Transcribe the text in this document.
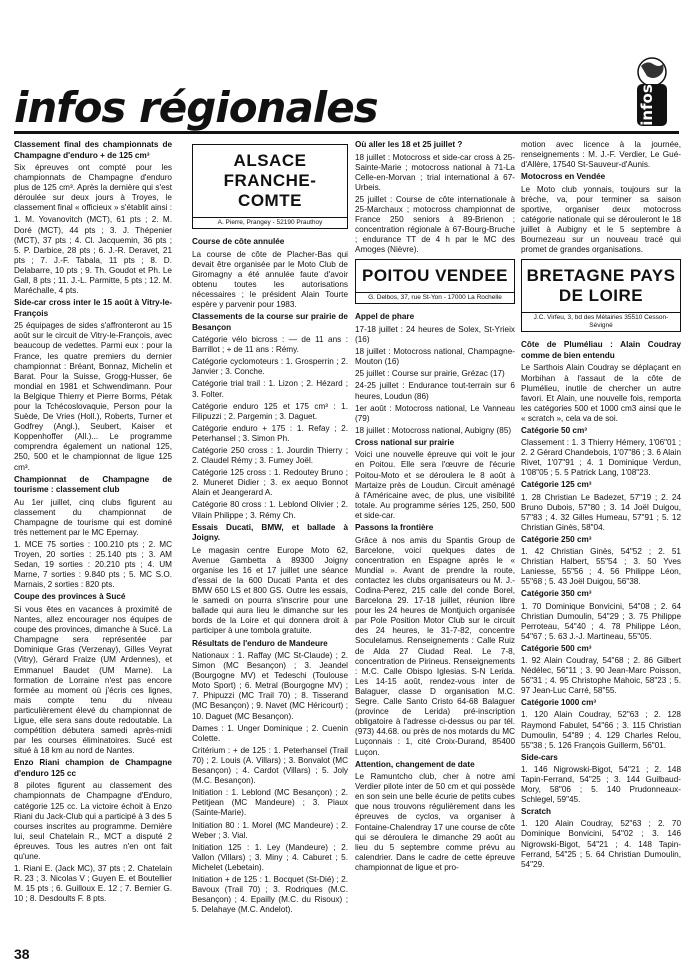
infos
infos régionales

Classement final des championnats de Champagne d'enduro + de 125 cm³

Six épreuves ont compté pour les championnats de Champagne d'enduro plus de 125 cm³. Après la dernière qui s'est déroulée sur deux jours à Troyes, le classement final « officieux » s'établit ainsi :

1. M. Yovanovitch (MCT), 61 pts ; 2. M. Doré (MCT), 44 pts ; 3. J. Thépenier (MCT), 37 pts ; 4. Cl. Jacquemin, 36 pts ; 5. P. Darbice, 28 pts ; 6. J.-R. Deravet, 21 pts ; 7. J.-F. Tabala, 11 pts ; 8. D. Delabarre, 10 pts ; 9. Th. Goudot et Ph. Le Gall, 8 pts ; 11. J.-L. Parmitte, 5 pts ; 12. M. Maréchalle, 4 pts.

Side-car cross inter le 15 août à Vitry-le-François

25 équipages de sides s'affronteront au 15 août sur le circuit de Vitry-le-François, avec beaucoup de vedettes. Parmi eux : pour la France, les quatre premiers du dernier championnat : Bréant, Bonnaz, Michelin et Barat. Pour la Suisse, Grogg-Husser, 6e mondial en 1981 et Schwendimann. Pour la Belgique Thierry et Pierre Borms, Pétak pour la Tchécoslovaquie, Person pour la Suède, De Vries (Holl.), Roberts, Turner et Godfrey (Angl.), Seubert, Kaiser et Koppenhoffer (All.)... Le programme comprendra également un national 125, 250, 500 et le championnat de ligue 125 cm³.

Championnat de Champagne de tourisme : classement club

Au 1er juillet, cinq clubs figurent au classement du championnat de Champagne de tourisme qui est dominé très nettement par le MC Epernay.

1. MCE 75 sorties : 100.210 pts ; 2. MC Troyen, 20 sorties : 25.140 pts ; 3. AM Sedan, 19 sorties : 20.210 pts ; 4. UM Marne, 7 sorties : 9.840 pts ; 5. MC S.O. Marnais, 2 sorties : 820 pts.

Coupe des provinces à Sucé

Si vous êtes en vacances à proximité de Nantes, allez encourager nos équipes de coupe des provinces, dimanche à Sucé. La Champagne sera représentée par Dominique Gras (Verzenay), Gilles Veyrat (Vitry), Gérard Fraize (UM Ardennes), et Emmanuel Baudet (UM Marne). La formation de Lorraine n'est pas encore formée au moment où j'écris ces lignes, mais compte tenu du niveau particulièrement élevé du championnat de Ligue, elle sera sans doute redoutable. La compétition débutera samedi après-midi par les courses éliminatoires. Sucé est situé à 18 km au nord de Nantes.

Enzo Riani champion de Champagne d'enduro 125 cc

8 pilotes figurent au classement des championnats de Champagne d'Enduro, catégorie 125 cc. La victoire échoit à Enzo Riani du Jack-Club qui a participé à 3 des 5 courses inscrites au programme. Dernière lui, seul Chatelain R., MCT a disputé 2 épreuves. Tous les autres n'en ont fait qu'une.

1. Riani E. (Jack MC), 37 pts ; 2. Chatelain R. 23 ; 3. Nicolas V ; Guyen E. et Boutellier M. 15 pts ; 6. Guilloux E. 12 ; 7. Bernier G. 10 ; 8. Desdoults F. 8 pts.

ALSACE FRANCHE-COMTE
A. Pierre, Prangey - 52190 Prauthoy

Course de côte annulée

La course de côte de Placher-Bas qui devait être organisée par le Moto Club de Giromagny a été annulée faute d'avoir obtenu toutes les autorisations nécessaires ; le président Alain Tourte espère y parvenir pour 1983.

Classements de la course sur prairie de Besançon

Catégorie vélo bicross : — de 11 ans : Barrillot ; + de 11 ans : Rémy.

Catégorie cyclomoteurs : 1. Grosperrin ; 2. Janvier ; 3. Conche.

Catégorie trial trail : 1. Lizon ; 2. Hézard ; 3. Folter.

Catégorie enduro 125 et 175 cm³ : 1. Filipuzzi ; 2. Pargemin ; 3. Daguet.

Catégorie enduro + 175 : 1. Refay ; 2. Peterhansel ; 3. Simon Ph.

Catégorie 250 cross : 1. Jourdin Thierry ; 2. Claudel Rémy ; 3. Fumey Joël.

Catégorie 125 cross : 1. Redoutey Bruno ; 2. Muneret Didier ; 3. ex aequo Bonnot Alain et Jeangerard A.

Catégorie 80 cross : 1. Leblond Olivier ; 2. Vilain Philippe ; 3. Rémy Ch.

Essais Ducati, BMW, et ballade à Joigny.

Le magasin centre Europe Moto 62, Avenue Gambetta à 89300 Joigny organise les 16 et 17 juillet une séance d'essai de la 600 Ducati Panta et des BMW 650 LS et 800 GS. Outre les essais, le samedi on pourra s'inscrire pour une ballade qui aura lieu le dimanche sur les bords de la Loire et qui donnera droit à participer à une tombola gratuite.

Résultats de l'enduro de Mandeure

Nationaux : 1. Raffay (MC St-Claude) ; 2. Simon (MC Besançon) ; 3. Jeandel (Bourgogne MV) et Tedeschi (Toulouse Moto Sport) ; 6. Metral (Bourgogne MV) ; 7. Phipuzzi (MC Trail 70) ; 8. Tisserand (MC Besançon) ; 9. Navet (MC Héricourt) ; 10. Daguet (MC Besançon).

Dames : 1. Unger Dominique ; 2. Cuenin Colette.

Critérium : + de 125 : 1. Peterhansel (Trail 70) ; 2. Louis (A. Villars) ; 3. Bonvalot (MC Besançon) ; 4. Cardot (Villars) ; 5. Joly (M.C. Besançon).

Initiation : 1. Leblond (MC Besançon) ; 2. Petitjean (MC Mandeure) ; 3. Piaux (Sainte-Marie).

Initiation 80 : 1. Morel (MC Mandeure) ; 2. Weber ; 3. Vial.

Initiation 125 : 1. Ley (Mandeure) ; 2. Vallon (Villars) ; 3. Miny ; 4. Caburet ; 5. Michelet (Lebetain).

Initiation + de 125 : 1. Bocquet (St-Dié) ; 2. Bavoux (Trail 70) ; 3. Rodriques (M.C. Besançon) ; 4. Epailly (M.C. du Risoux) ; 5. Delahaye (M.C. Andelot).

Où aller les 18 et 25 juillet ?

18 juillet : Motocross et side-car cross à 25-Sainte-Marie ; motocross national à 71-La Celle-en-Morvan ; trial international à 67-Urbeis.

25 juillet : Course de côte internationale à 25-Marchaux ; motocross championnat de France 250 seniors à 89-Brienon ; concentration régionale à 67-Bourg-Bruche ; endurance TT de 4 h par le MC des Amoges (Nièvre).

POITOU VENDEE
G. Delbos, 37, rue St-Yon - 17000 La Rochelle

Appel de phare

17-18 juillet : 24 heures de Solex, St-Yrieix (16)

18 juillet : Motocross national, Champagne-Mouton (16)

25 juillet : Course sur prairie, Grézac (17)

24-25 juillet : Endurance tout-terrain sur 6 heures, Loudun (86)

1er août : Motocross national, Le Vanneau (79)

18 juillet : Motocross national, Aubigny (85)

Cross national sur prairie

Voici une nouvelle épreuve qui voit le jour en Poitou. Elle sera l'œuvre de l'écurie Poitou-Moto et se déroulera le 8 août à Martaize près de Loudun. Circuit aménagé à l'Américaine avec, de plus, une visibilité totale. Au programme séries 125, 250, 500 et side-car.

Passons la frontière

Grâce à nos amis du Spantis Group de Barcelone, voici quelques dates de concentration en Espagne après le « Mundial ». Avant de prendre la route, contactez les clubs organisateurs ou M. J.-Codina-Perez, 215 calle del conde Borel, Barcelona 29. 17-18 juillet, réunion libre pour les 24 heures de Montjuich organisée par Pole Position Motor Club sur le circuit des 24 heures, le 31-7-82, concentre Soculelamus. Renseignements : Calle Ruiz de Alda 27 Ciudad Real. Le 7-8, concentration de Pirineus. Renseignements : M.C. Calle Obispo Iglesias. S-N Lerida. Les 14-15 août, rendez-vous inter de Balaguer, classe D organisation M.C. Segre. Calle Santo Cristo 64-68 Balaguer (province de Lerida) pré-inscription obligatoire à l'adresse ci-dessus ou par tél. (973) 44.68. ou près de nos motards du MC Luçonnais : 1, cité Croix-Durand, 85400 Luçon.

Attention, changement de date

Le Ramuntcho club, cher à notre ami Verdier pilote inter de 50 cm et qui possède en son sein une belle écurie de petits cubes que nous trouvons régulièrement dans les épreuves de cyclos, va organiser à Fontaine-Chalendray 17 une course de côte qui se déroulera le dimanche 29 août au lieu du 5 septembre comme prévu au calendrier. Dans le cadre de cette épreuve championnat de ligue et pro-

motion avec licence à la journée, renseignements : M. J.-F. Verdier, Le Gué-d'Allère, 17540 St-Sauveur-d'Aunis.

Motocross en Vendée

Le Moto club yonnais, toujours sur la brèche, va, pour terminer sa saison sportive, organiser deux motocross catégorie nationale qui se dérouleront le 18 juillet à Aubigny et le 5 septembre à Bournezeau sur un nouveau tracé qui promet de grandes organisations.

BRETAGNE PAYS DE LOIRE
J.C. Virfeu, 3, bd des Métairies 35510 Cesson-Sévigné

Côte de Pluméliau : Alain Coudray comme de bien entendu

Le Sarthois Alain Coudray se déplaçant en Morbihan à l'assaut de la côte de Plumélieu, inutile de chercher un autre favori. Et Alain, une nouvelle fois, remporta les catégories 500 et 1000 cm3 ainsi que le « scratch », cela va de soi.

Catégorie 50 cm³

Classement : 1. 3 Thierry Hémery, 1'06"01 ; 2. 2 Gérard Chandebois, 1'07"86 ; 3. 6 Alain Rivet, 1'07"91 ; 4. 1 Dominique Verdun, 1'08"05 ; 5. 5 Patrick Lang, 1'08"23.

Catégorie 125 cm³

1. 28 Christian Le Badezet, 57"19 ; 2. 24 Bruno Dubois, 57"80 ; 3. 14 Joël Duigou, 57"83 ; 4. 32 Gilles Humeau, 57"91 ; 5. 12 Christian Ginès, 58"04.

Catégorie 250 cm³

1. 42 Christian Ginès, 54"52 ; 2. 51 Christian Halbert, 55"54 ; 3. 50 Yves Laniesse, 55"56 ; 4. 56 Philippe Léon, 55"68 ; 5. 43 Joël Duigou, 56"38.

Catégorie 350 cm³

1. 70 Dominique Bonvicini, 54"08 ; 2. 64 Christian Dumoulin, 54"29 ; 3. 75 Philippe Perroteau, 54"40 ; 4. 78 Philippe Léon, 54"67 ; 5. 63 J.-J. Martineau, 55"05.

Catégorie 500 cm³

1. 92 Alain Coudray, 54"68 ; 2. 86 Gilbert Nédélec, 56"11 ; 3. 90 Jean-Marc Poisson, 56"31 ; 4. 95 Christophe Mahoic, 58"23 ; 5. 97 Jean-Luc Carré, 58"55.

Catégorie 1000 cm³

1. 120 Alain Coudray, 52"63 ; 2. 128 Raymond Fabulet, 54"66 ; 3. 115 Christian Dumoulin, 54"89 ; 4. 129 Charles Relou, 55"38 ; 5. 126 François Guillerm, 56"01.

Side-cars

1. 146 Nigrowski-Bigot, 54"21 ; 2. 148 Tapin-Ferrand, 54"25 ; 3. 144 Guilbaud-Mory, 58"06 ; 5. 140 Prudonneaux-Schlegel, 59"45.

Scratch

1. 120 Alain Coudray, 52"63 ; 2. 70 Dominique Bonvicini, 54"02 ; 3. 146 Nigrowski-Bigot, 54"21 ; 4. 148 Tapin-Ferrand, 54"25 ; 5. 64 Christian Dumoulin, 54"29.

38
